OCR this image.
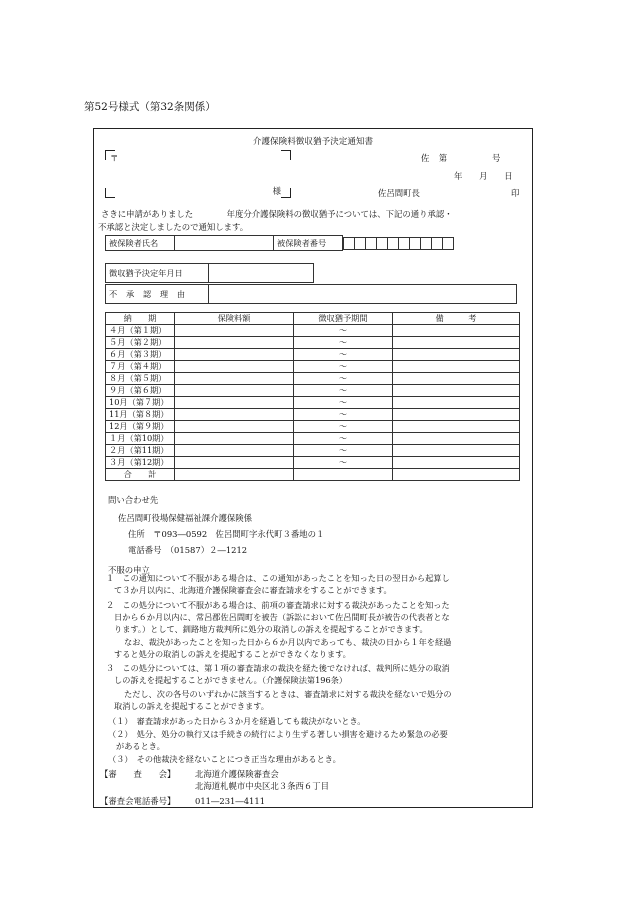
第52号様式（第32条関係）
介護保険料徴収猶予決定通知書
〒
様
佐　第　　　　　号
年　　月　　日
佐呂間町長	印
さきに申請がありました　　　　年度分介護保険料の徴収猶予については、下記の通り承認・
不承認と決定しましたので通知します。
被保険者氏名		被保険者番号	
徴収猶予決定年月日	
不　承　認　理　由	
納　　期	保険料額	徴収猶予期間	備　　　考
４月（第１期）		～	
５月（第２期）		～	
６月（第３期）		～	
７月（第４期）		～	
８月（第５期）		～	
９月（第６期）		～	
10月（第７期）		～	
11月（第８期）		～	
12月（第９期）		～	
１月（第10期）		～	
２月（第11期）		～	
３月（第12期）		～	
合　　計			
問い合わせ先
佐呂間町役場保健福祉課介護保険係
住所　〒093―0592　佐呂間町字永代町３番地の１
電話番号　（01587）２―1212
不服の申立
１　この通知について不服がある場合は、この通知があったことを知った日の翌日から起算し
て３か月以内に、北海道介護保険審査会に審査請求をすることができます。
２　この処分について不服がある場合は、前項の審査請求に対する裁決があったことを知った
日から６か月以内に、常呂郡佐呂間町を被告（訴訟において佐呂間町長が被告の代表者とな
ります。）として、釧路地方裁判所に処分の取消しの訴えを提起することができます。
なお、裁決があったことを知った日から６か月以内であっても、裁決の日から１年を経過
すると処分の取消しの訴えを提起することができなくなります。
３　この処分については、第１項の審査請求の裁決を経た後でなければ、裁判所に処分の取消
しの訴えを提起することができません。（介護保険法第196条）
ただし、次の各号のいずれかに該当するときは、審査請求に対する裁決を経ないで処分の
取消しの訴えを提起することができます。
（１）　審査請求があった日から３か月を経過しても裁決がないとき。
（２）　処分、処分の執行又は手続きの続行により生ずる著しい損害を避けるため緊急の必要
があるとき。
（３）　その他裁決を経ないことにつき正当な理由があるとき。
【審　　査　　会】 北海道介護保険審査会
北海道札幌市中央区北３条西６丁目
【審査会電話番号】 011―231―4111
